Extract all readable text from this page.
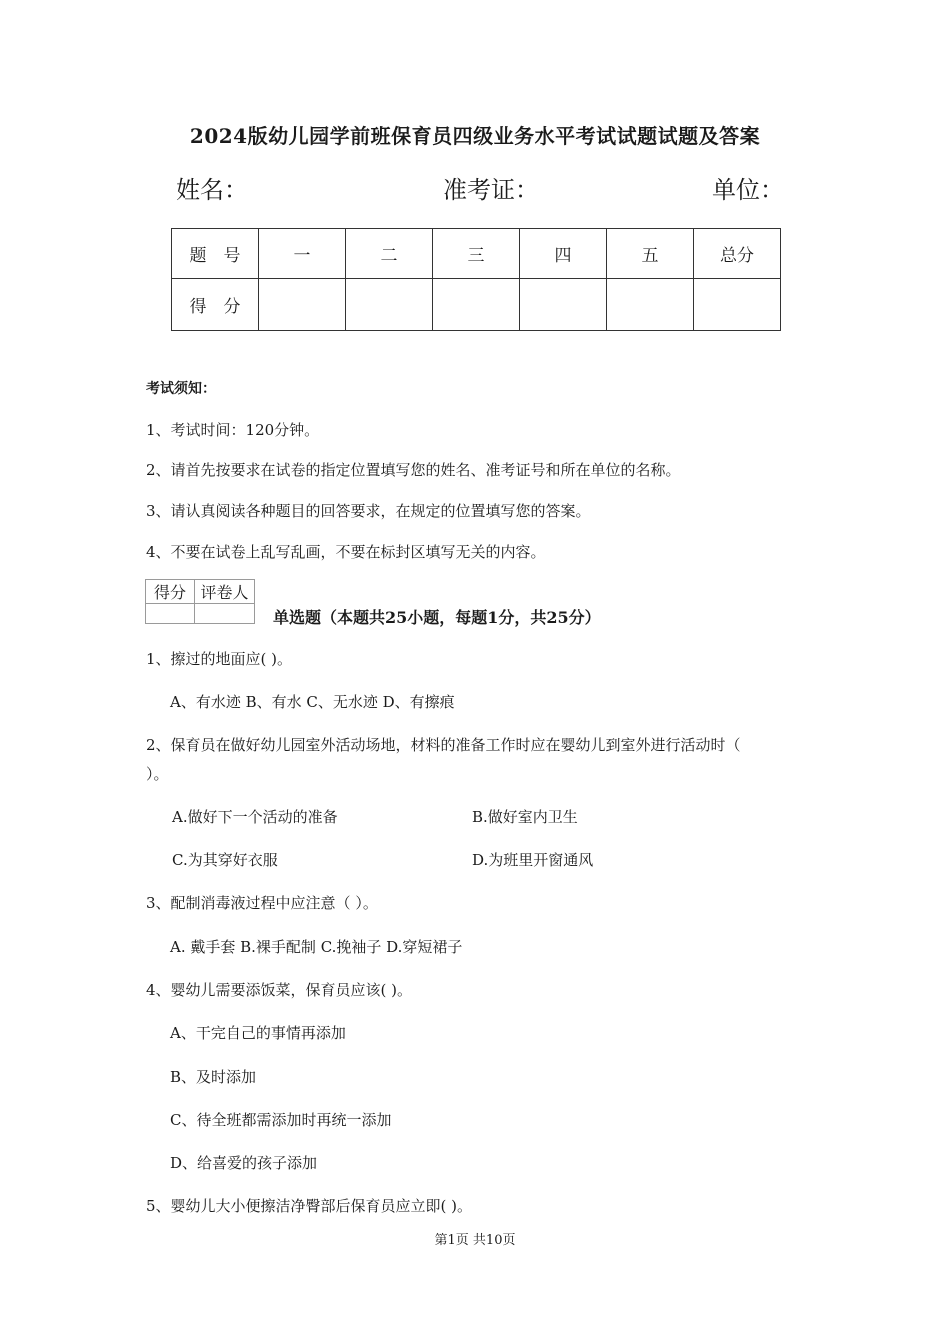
2024版幼儿园学前班保育员四级业务水平考试试题试题及答案
姓名：	准考证：	单位：
题　号	一	二	三	四	五	总分
得　分						
考试须知：
1、考试时间：120分钟。
2、请首先按要求在试卷的指定位置填写您的姓名、准考证号和所在单位的名称。
3、请认真阅读各种题目的回答要求，在规定的位置填写您的答案。
4、不要在试卷上乱写乱画，不要在标封区填写无关的内容。
得分	评卷人

单选题（本题共25小题，每题1分，共25分）
1、擦过的地面应( )。
A、有水迹 B、有水 C、无水迹 D、有擦痕
2、保育员在做好幼儿园室外活动场地，材料的准备工作时应在婴幼儿到室外进行活动时（
）。
A.做好下一个活动的准备	B.做好室内卫生
C.为其穿好衣服	D.为班里开窗通风
3、配制消毒液过程中应注意（ ）。
A. 戴手套 B.裸手配制 C.挽袖子 D.穿短裙子
4、婴幼儿需要添饭菜，保育员应该( )。
A、干完自己的事情再添加
B、及时添加
C、待全班都需添加时再统一添加
D、给喜爱的孩子添加
5、婴幼儿大小便擦洁净臀部后保育员应立即( )。
第1页 共10页
